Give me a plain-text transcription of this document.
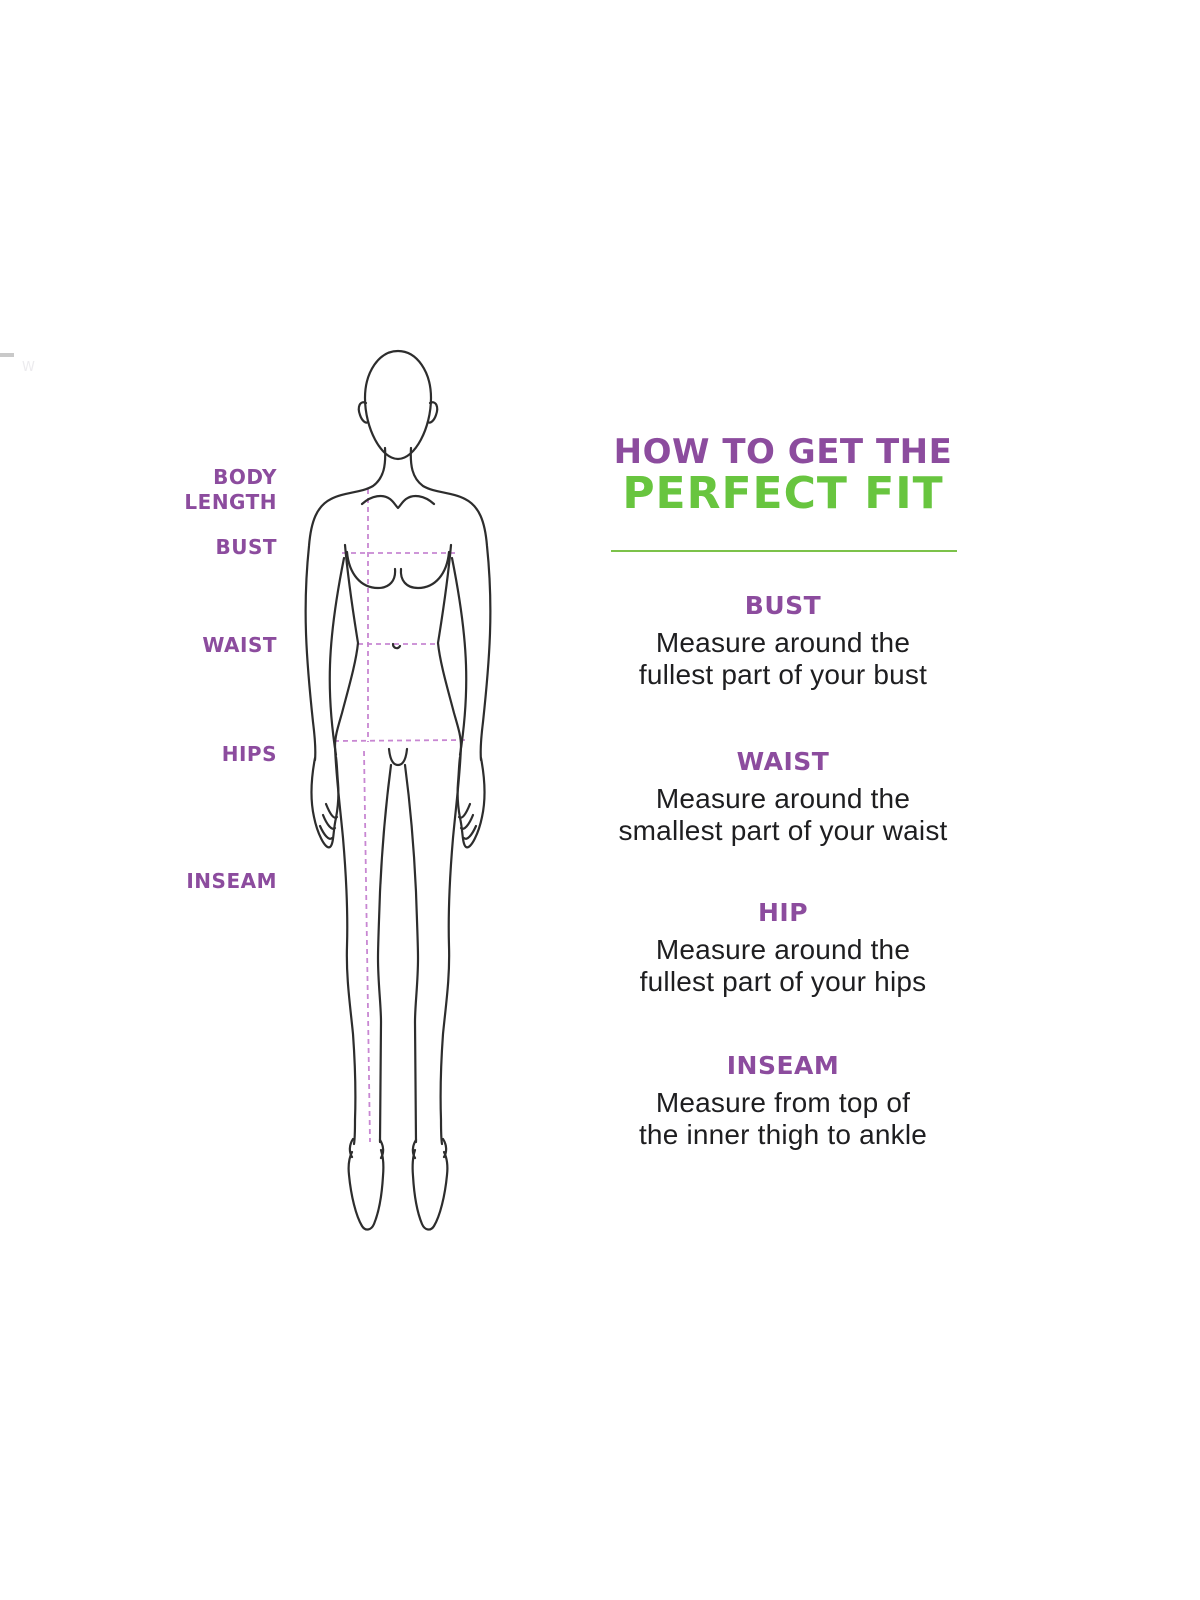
W
BODY
LENGTH
BUST
WAIST
HIPS
INSEAM
HOW TO GET THE
PERFECT FIT
BUST
Measure around the
fullest part of your bust
WAIST
Measure around the
smallest part of your waist
HIP
Measure around the
fullest part of your hips
INSEAM
Measure from top of
the inner thigh to ankle
